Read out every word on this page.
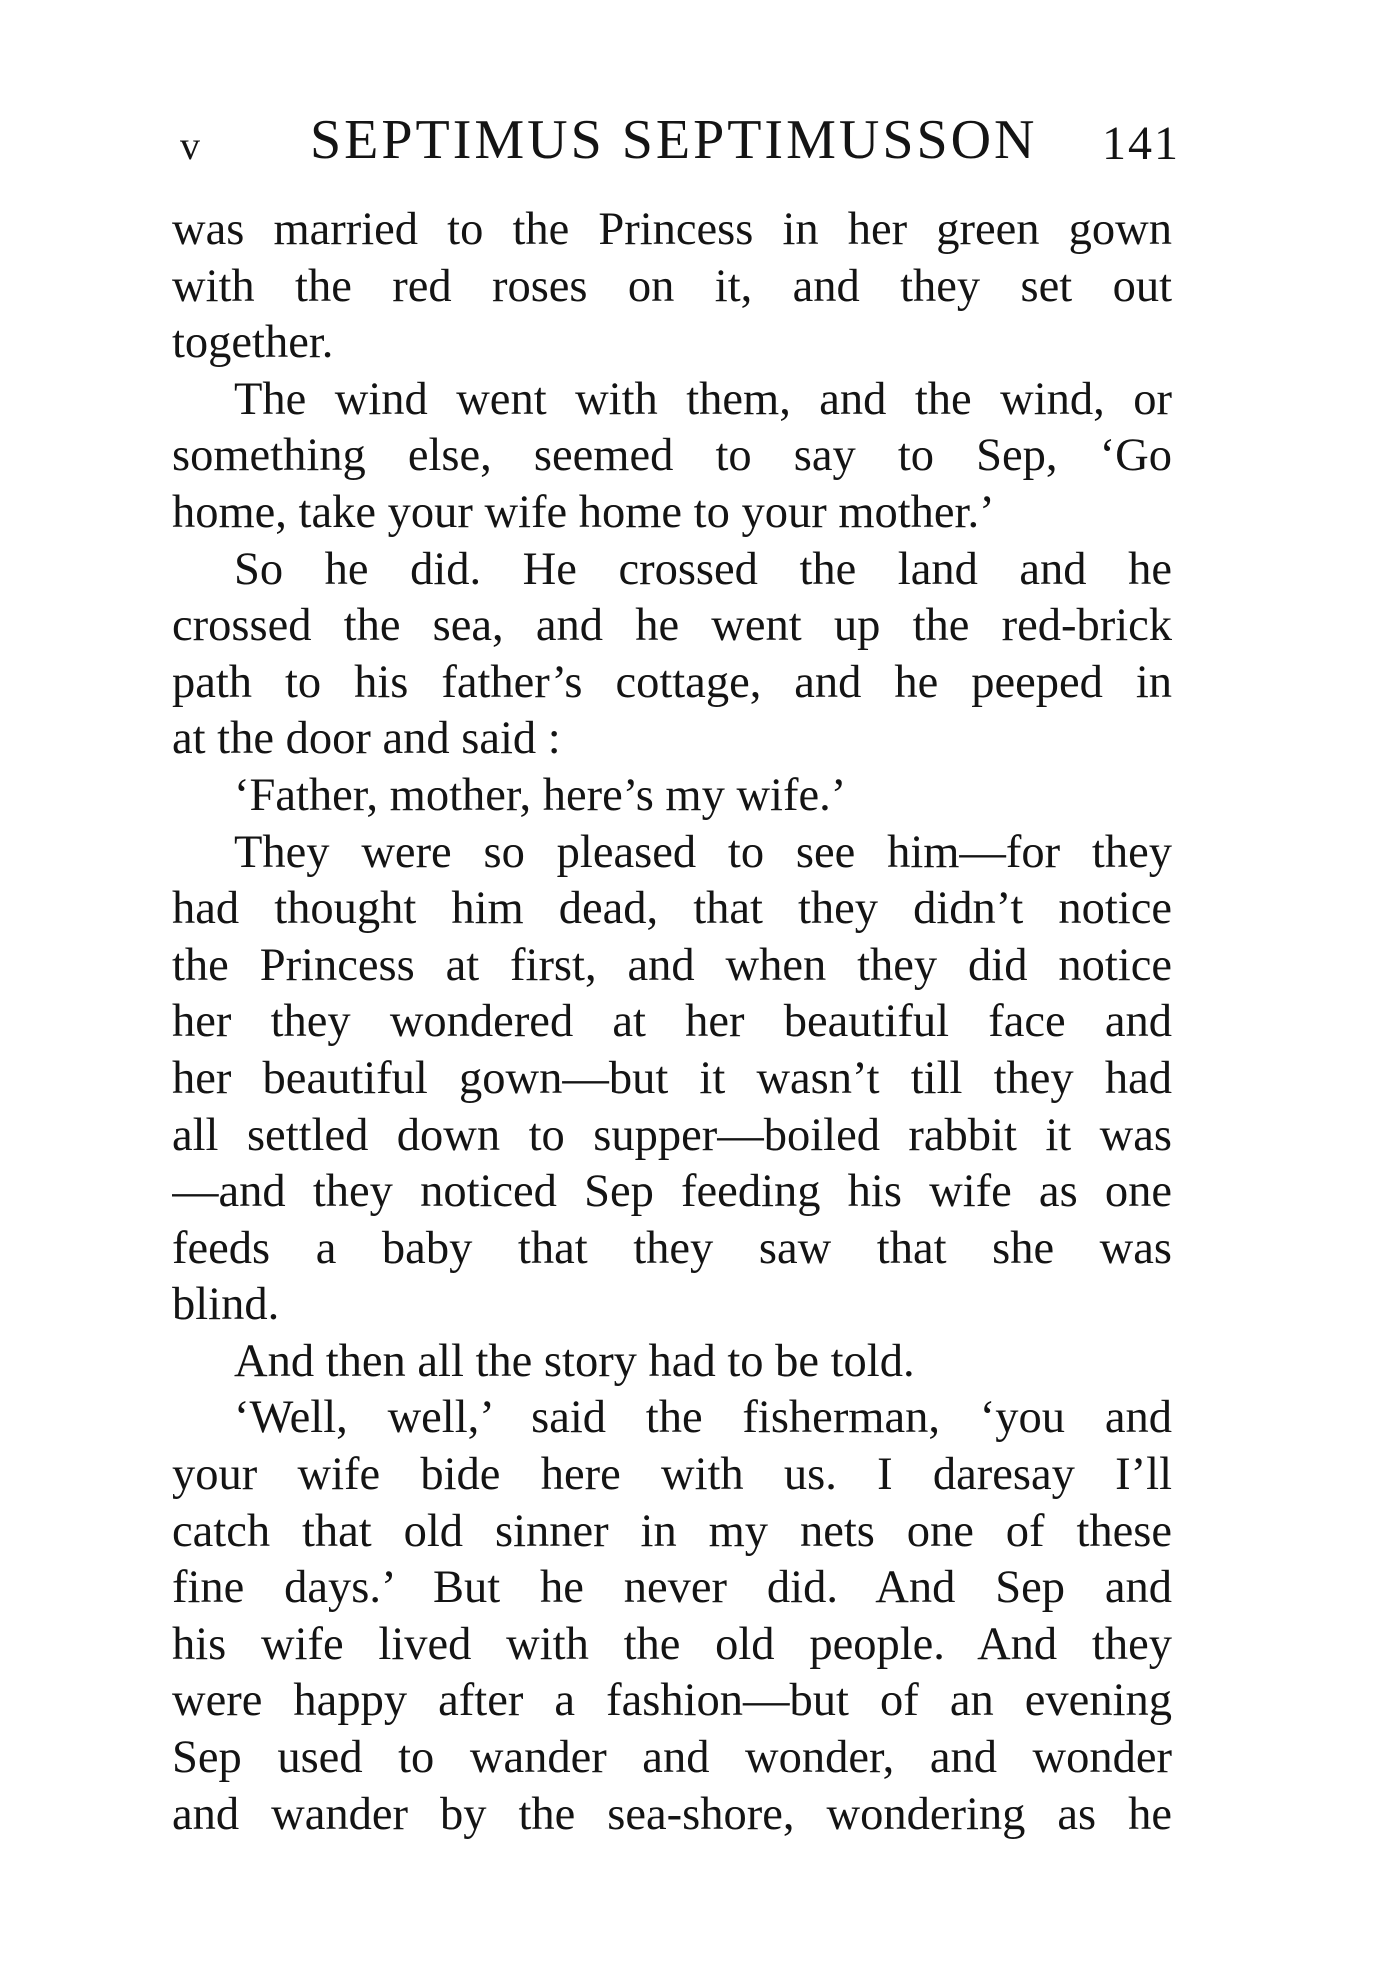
v SEPTIMUS SEPTIMUSSON 141
was married to the Princess in her green gown
with the red roses on it, and they set out
together.
The wind went with them, and the wind, or
something else, seemed to say to Sep, ‘Go
home, take your wife home to your mother.’
So he did. He crossed the land and he
crossed the sea, and he went up the red-brick
path to his father’s cottage, and he peeped in
at the door and said :
‘Father, mother, here’s my wife.’
They were so pleased to see him—for they
had thought him dead, that they didn’t notice
the Princess at first, and when they did notice
her they wondered at her beautiful face and
her beautiful gown—but it wasn’t till they had
all settled down to supper—boiled rabbit it was
—and they noticed Sep feeding his wife as one
feeds a baby that they saw that she was
blind.
And then all the story had to be told.
‘Well, well,’ said the fisherman, ‘you and
your wife bide here with us. I daresay I’ll
catch that old sinner in my nets one of these
fine days.’ But he never did. And Sep and
his wife lived with the old people. And they
were happy after a fashion—but of an evening
Sep used to wander and wonder, and wonder
and wander by the sea-shore, wondering as he
